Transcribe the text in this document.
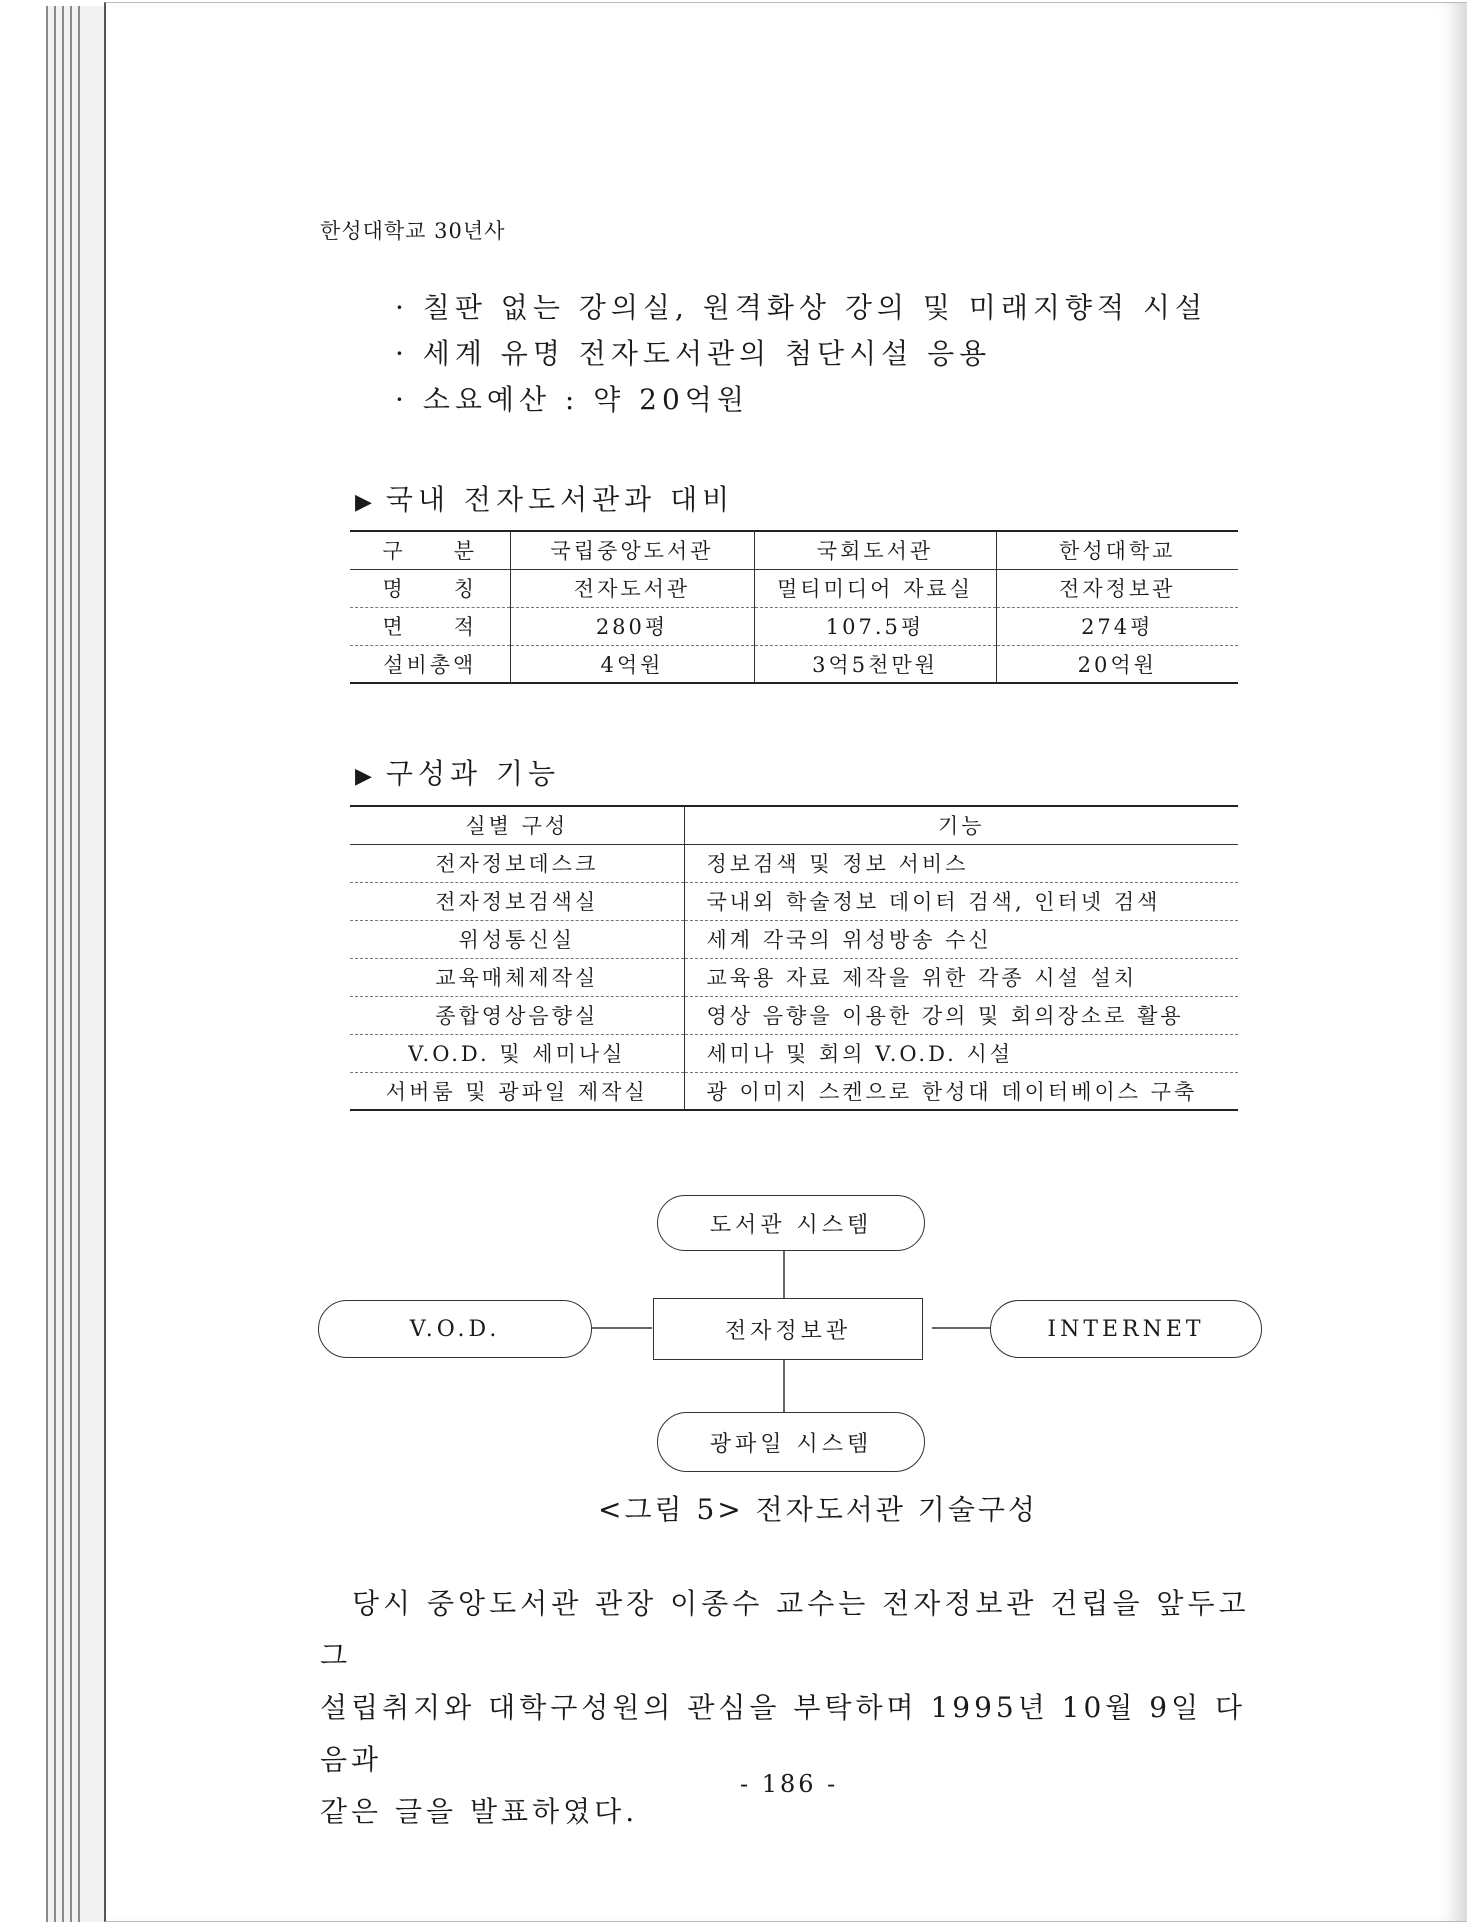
한성대학교 30년사
· 칠판 없는 강의실, 원격화상 강의 및 미래지향적 시설
· 세계 유명 전자도서관의 첨단시설 응용
· 소요예산 : 약 20억원
▶ 국내 전자도서관과 대비
구　　분	국립중앙도서관	국회도서관	한성대학교
명　　칭	전자도서관	멀티미디어 자료실	전자정보관
면　　적	280평	107.5평	274평
설비총액	4억원	3억5천만원	20억원
▶ 구성과 기능
실별 구성	기능
전자정보데스크	정보검색 및 정보 서비스
전자정보검색실	국내외 학술정보 데이터 검색, 인터넷 검색
위성통신실	세계 각국의 위성방송 수신
교육매체제작실	교육용 자료 제작을 위한 각종 시설 설치
종합영상음향실	영상 음향을 이용한 강의 및 회의장소로 활용
V.O.D. 및 세미나실	세미나 및 회의 V.O.D. 시설
서버룸 및 광파일 제작실	광 이미지 스켄으로 한성대 데이터베이스 구축
도서관 시스템
V.O.D.	전자정보관	INTERNET
광파일 시스템
<그림 5> 전자도서관 기술구성

　당시 중앙도서관 관장 이종수 교수는 전자정보관 건립을 앞두고 그

설립취지와 대학구성원의 관심을 부탁하며 1995년 10월 9일 다음과

같은 글을 발표하였다.

- 186 -
